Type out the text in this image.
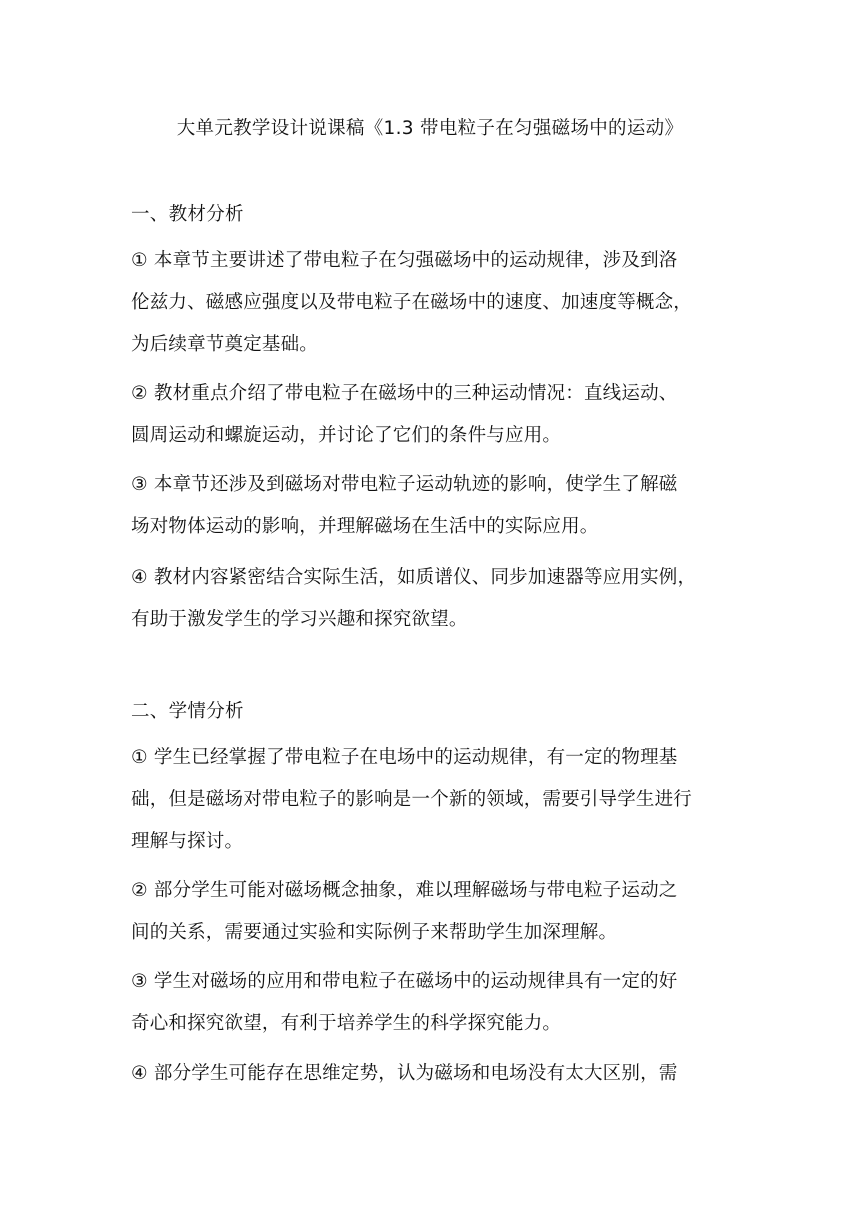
大单元教学设计说课稿《1.3 带电粒子在匀强磁场中的运动》
一、教材分析
① 本章节主要讲述了带电粒子在匀强磁场中的运动规律，涉及到洛
伦兹力、磁感应强度以及带电粒子在磁场中的速度、加速度等概念，
为后续章节奠定基础。
② 教材重点介绍了带电粒子在磁场中的三种运动情况：直线运动、
圆周运动和螺旋运动，并讨论了它们的条件与应用。
③ 本章节还涉及到磁场对带电粒子运动轨迹的影响，使学生了解磁
场对物体运动的影响，并理解磁场在生活中的实际应用。
④ 教材内容紧密结合实际生活，如质谱仪、同步加速器等应用实例，
有助于激发学生的学习兴趣和探究欲望。
二、学情分析
① 学生已经掌握了带电粒子在电场中的运动规律，有一定的物理基
础，但是磁场对带电粒子的影响是一个新的领域，需要引导学生进行
理解与探讨。
② 部分学生可能对磁场概念抽象，难以理解磁场与带电粒子运动之
间的关系，需要通过实验和实际例子来帮助学生加深理解。
③ 学生对磁场的应用和带电粒子在磁场中的运动规律具有一定的好
奇心和探究欲望，有利于培养学生的科学探究能力。
④ 部分学生可能存在思维定势，认为磁场和电场没有太大区别，需
